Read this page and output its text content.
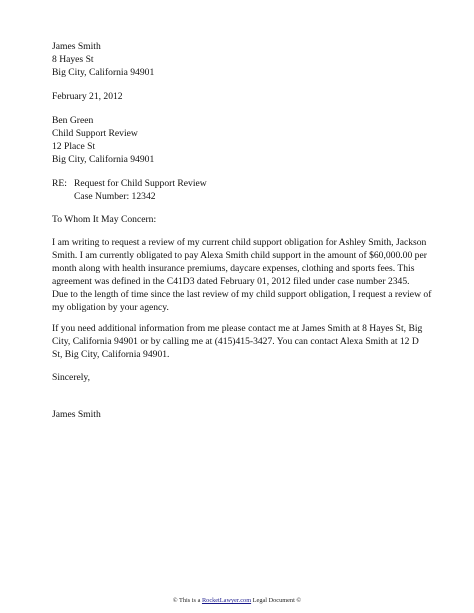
James Smith
8 Hayes St
Big City, California 94901
February 21, 2012
Ben Green
Child Support Review
12 Place St
Big City, California 94901
RE: Request for Child Support Review
Case Number: 12342
To Whom It May Concern:
I am writing to request a review of my current child support obligation for Ashley Smith, Jackson
Smith. I am currently obligated to pay Alexa Smith child support in the amount of $60,000.00 per
month along with health insurance premiums, daycare expenses, clothing and sports fees. This
agreement was defined in the C41D3 dated February 01, 2012 filed under case number 2345.
Due to the length of time since the last review of my child support obligation, I request a review of
my obligation by your agency.
If you need additional information from me please contact me at James Smith at 8 Hayes St, Big
City, California 94901 or by calling me at (415)415-3427. You can contact Alexa Smith at 12 D
St, Big City, California 94901.
Sincerely,
James Smith
© This is a RocketLawyer.com Legal Document ©
